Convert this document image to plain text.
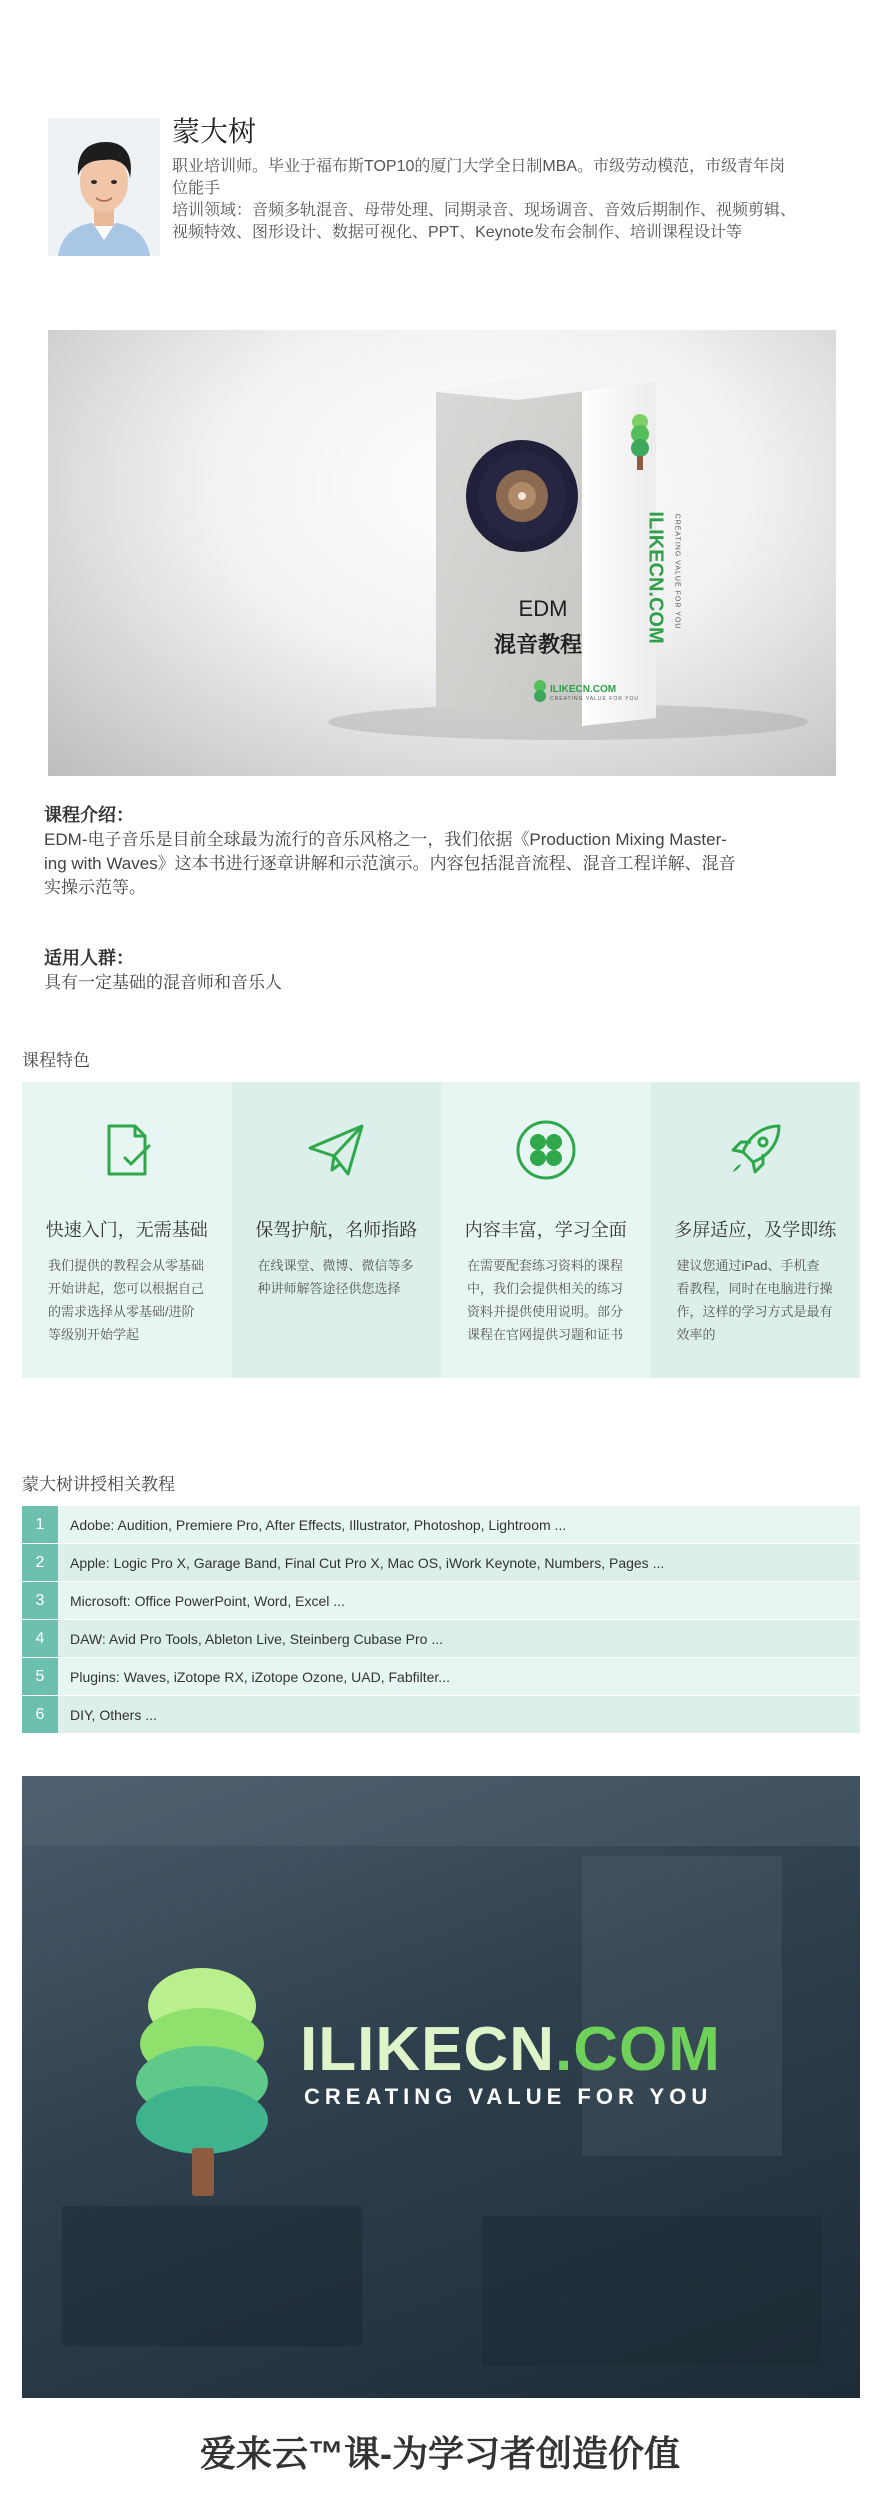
蒙大树
职业培训师。毕业于福布斯TOP10的厦门大学全日制MBA。市级劳动模范，市级青年岗
位能手
培训领域：音频多轨混音、母带处理、同期录音、现场调音、音效后期制作、视频剪辑、
视频特效、图形设计、数据可视化、PPT、Keynote发布会制作、培训课程设计等
EDM
混音教程
ILIKECN.COM CREATING VALUE FOR YOU
ILIKECN.COM
CREATING VALUE FOR YOU
课程介绍：
EDM-电子音乐是目前全球最为流行的音乐风格之一，我们依据《Production Mixing Master-
ing with Waves》这本书进行逐章讲解和示范演示。内容包括混音流程、混音工程详解、混音
实操示范等。
适用人群：
具有一定基础的混音师和音乐人
课程特色
快速入门，无需基础
我们提供的教程会从零基础
开始讲起，您可以根据自己
的需求选择从零基础/进阶
等级别开始学起
保驾护航，名师指路
在线课堂、微博、微信等多
种讲师解答途径供您选择
内容丰富，学习全面
在需要配套练习资料的课程
中，我们会提供相关的练习
资料并提供使用说明。部分
课程在官网提供习题和证书
多屏适应，及学即练
建议您通过iPad、手机查
看教程，同时在电脑进行操
作，这样的学习方式是最有
效率的
蒙大树讲授相关教程
1	Adobe: Audition, Premiere Pro, After Effects, Illustrator, Photoshop, Lightroom ...
2	Apple: Logic Pro X, Garage Band, Final Cut Pro X, Mac OS, iWork Keynote, Numbers, Pages ...
3	Microsoft: Office PowerPoint, Word, Excel ...
4	DAW: Avid Pro Tools, Ableton Live, Steinberg Cubase Pro ...
5	Plugins: Waves, iZotope RX, iZotope Ozone, UAD, Fabfilter...
6	DIY, Others ...
ILIKECN.COM
CREATING VALUE FOR YOU
爱来云™课-为学习者创造价值
